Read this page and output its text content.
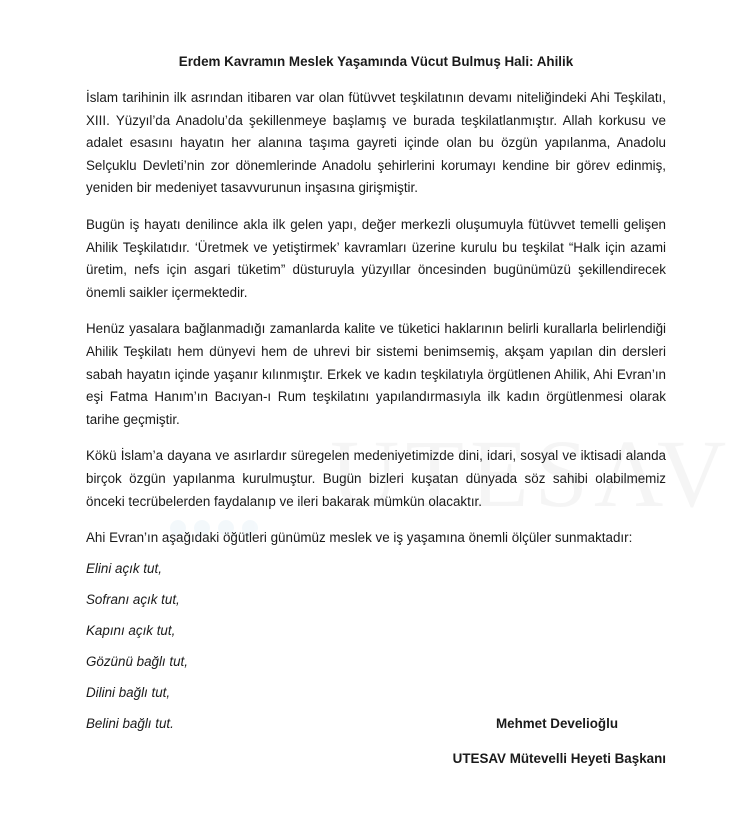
Erdem Kavramın Meslek Yaşamında Vücut Bulmuş Hali: Ahilik

İslam tarihinin ilk asrından itibaren var olan fütüvvet teşkilatının devamı niteliğindeki Ahi Teşkilatı, XIII. Yüzyıl’da Anadolu’da şekillenmeye başlamış ve burada teşkilatlanmıştır. Allah korkusu ve adalet esasını hayatın her alanına taşıma gayreti içinde olan bu özgün yapılanma, Anadolu Selçuklu Devleti’nin zor dönemlerinde Anadolu şehirlerini korumayı kendine bir görev edinmiş, yeniden bir medeniyet tasavvurunun inşasına girişmiştir.

Bugün iş hayatı denilince akla ilk gelen yapı, değer merkezli oluşumuyla fütüvvet temelli gelişen Ahilik Teşkilatıdır. ‘Üretmek ve yetiştirmek’ kavramları üzerine kurulu bu teşkilat “Halk için azami üretim, nefs için asgari tüketim” düsturuyla yüzyıllar öncesinden bugünümüzü şekillendirecek önemli saikler içermektedir.

Henüz yasalara bağlanmadığı zamanlarda kalite ve tüketici haklarının belirli kurallarla belirlendiği Ahilik Teşkilatı hem dünyevi hem de uhrevi bir sistemi benimsemiş, akşam yapılan din dersleri sabah hayatın içinde yaşanır kılınmıştır. Erkek ve kadın teşkilatıyla örgütlenen Ahilik, Ahi Evran’ın eşi Fatma Hanım’ın Bacıyan-ı Rum teşkilatını yapılandırmasıyla ilk kadın örgütlenmesi olarak tarihe geçmiştir.

Kökü İslam’a dayana ve asırlardır süregelen medeniyetimizde dini, idari, sosyal ve iktisadi alanda birçok özgün yapılanma kurulmuştur. Bugün bizleri kuşatan dünyada söz sahibi olabilmemiz önceki tecrübelerden faydalanıp ve ileri bakarak mümkün olacaktır.

Ahi Evran’ın aşağıdaki öğütleri günümüz meslek ve iş yaşamına önemli ölçüler sunmaktadır:

Elini açık tut,
Sofranı açık tut,
Kapını açık tut,
Gözünü bağlı tut,
Dilini bağlı tut,
Belini bağlı tut.	Mehmet Develioğlu
UTESAV Mütevelli Heyeti Başkanı
